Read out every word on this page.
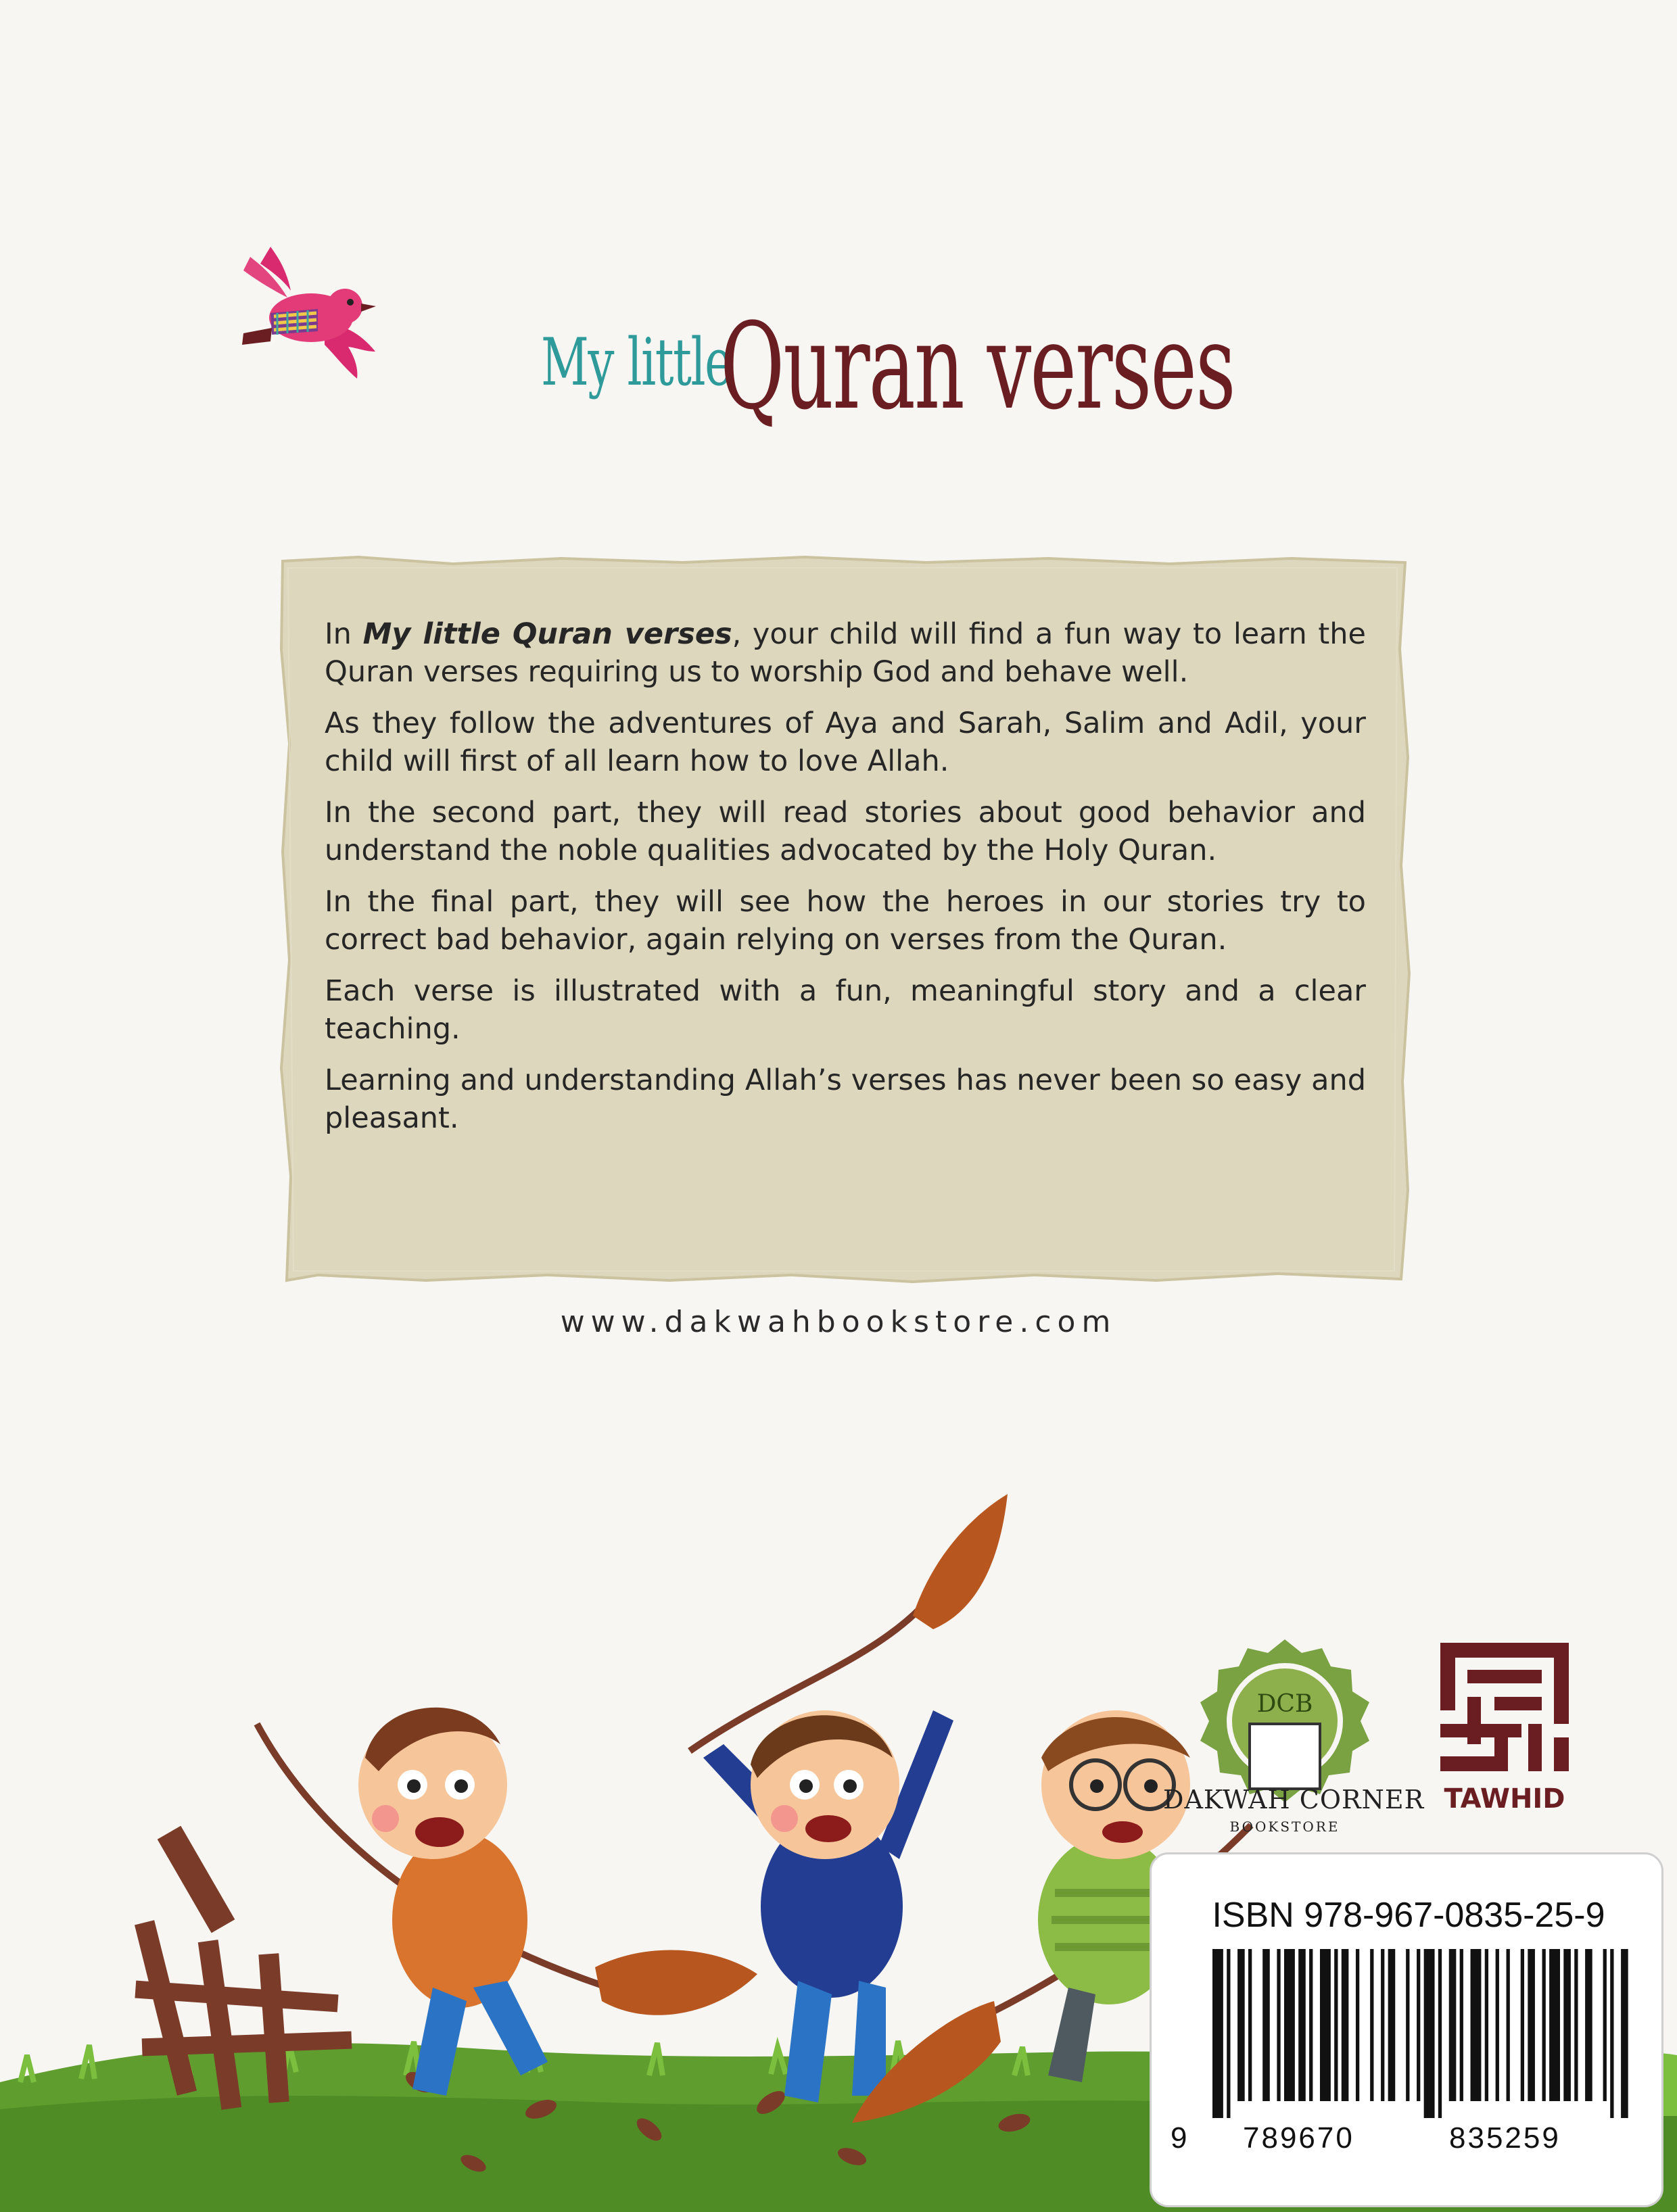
My little
Quran verses

In My little Quran verses, your child will find a fun way to learn the Quran verses requiring us to worship God and behave well.

As they follow the adventures of Aya and Sarah, Salim and Adil, your child will first of all learn how to love Allah.

In the second part, they will read stories about good behavior and understand the noble qualities advocated by the Holy Quran.

In the final part, they will see how the heroes in our stories try to correct bad behavior, again relying on verses from the Quran.

Each verse is illustrated with a fun, meaningful story and a clear teaching.

Learning and understanding Allah’s verses has never been so easy and pleasant.

www.dakwahbookstore.com
DCB
DAKWAH CORNER
BOOKSTORE
TAWHID
ISBN 978-967-0835-25-9
9 789670	835259
